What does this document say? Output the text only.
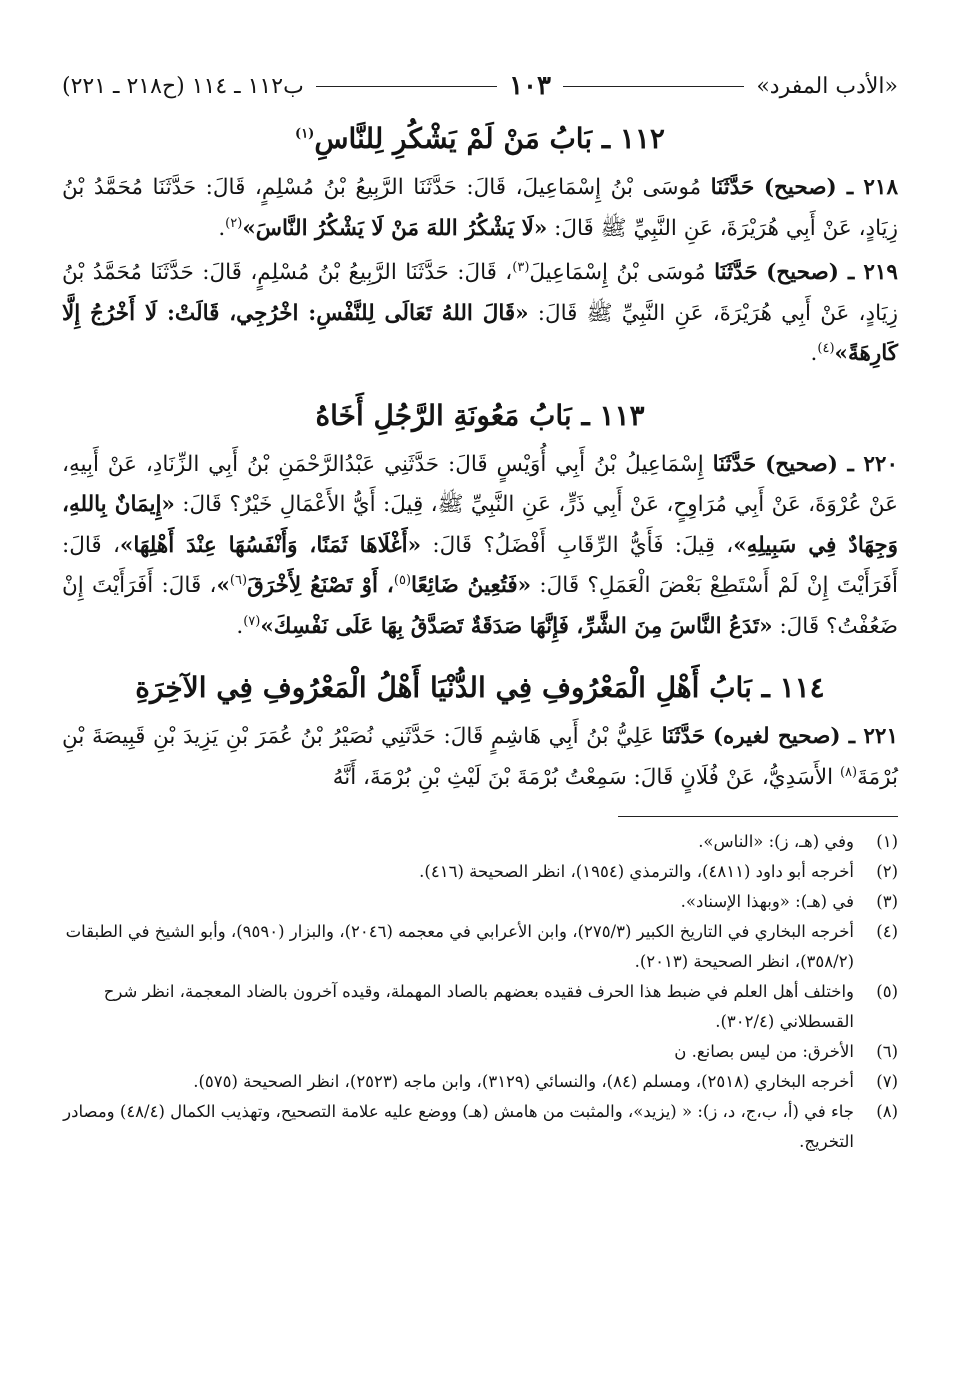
«الأدب المفرد»
١٠٣
ب١١٢ ـ ١١٤ (ح٢١٨ ـ ٢٢١)
١١٢ ـ بَابُ مَنْ لَمْ يَشْكُرِ لِلنَّاسِ$^{(١)}$

٢١٨ ـ (صحيح) حَدَّثَنَا مُوسَى بْنُ إِسْمَاعِيلَ، قَالَ: حَدَّثَنَا الرَّبِيعُ بْنُ مُسْلِمٍ، قَالَ: حَدَّثَنَا مُحَمَّدُ بْنُ زِيَادٍ، عَنْ أَبِي هُرَيْرَةَ، عَنِ النَّبِيِّ ﷺ قَالَ: «لَا يَشْكُرُ اللهَ مَنْ لَا يَشْكُرُ النَّاسَ»$^{(٢)}$.

٢١٩ ـ (صحيح) حَدَّثَنَا مُوسَى بْنُ إِسْمَاعِيلَ$^{(٣)}$، قَالَ: حَدَّثَنَا الرَّبِيعُ بْنُ مُسْلِمٍ، قَالَ: حَدَّثَنَا مُحَمَّدُ بْنُ زِيَادٍ، عَنْ أَبِي هُرَيْرَةَ، عَنِ النَّبِيِّ ﷺ قَالَ: «قَالَ اللهُ تَعَالَى لِلنَّفْسِ: اخْرُجِي، قَالَتْ: لَا أَخْرُجُ إِلَّا كَارِهَةً»$^{(٤)}$.

١١٣ ـ بَابُ مَعُونَةِ الرَّجُلِ أَخَاهُ

٢٢٠ ـ (صحيح) حَدَّثَنَا إِسْمَاعِيلُ بْنُ أَبِي أُوَيْسٍ قَالَ: حَدَّثَنِي عَبْدُالرَّحْمَنِ بْنُ أَبِي الزِّنَادِ، عَنْ أَبِيهِ، عَنْ عُرْوَةَ، عَنْ أَبِي مُرَاوِحٍ، عَنْ أَبِي ذَرٍّ، عَنِ النَّبِيِّ ﷺ، قِيلَ: أَيُّ الأَعْمَالِ خَيْرٌ؟ قَالَ: «إِيمَانٌ بِاللهِ، وَجِهَادٌ فِي سَبِيلِهِ»، قِيلَ: فَأَيُّ الرِّقَابِ أَفْضَلُ؟ قَالَ: «أَغْلَاهَا ثَمَنًا، وَأَنْفَسُهَا عِنْدَ أَهْلِهَا»، قَالَ: أَفَرَأَيْتَ إِنْ لَمْ أَسْتَطِعْ بَعْضَ الْعَمَلِ؟ قَالَ: «فَتُعِينُ ضَائِعًا$^{(٥)}$، أَوْ تَصْنَعُ لِأَخْرَقَ$^{(٦)}$»، قَالَ: أَفَرَأَيْتَ إِنْ ضَعُفْتُ؟ قَالَ: «تَدَعُ النَّاسَ مِنَ الشَّرِّ، فَإِنَّهَا صَدَقَةٌ تَصَدَّقُ بِهَا عَلَى نَفْسِكَ»$^{(٧)}$.

١١٤ ـ بَابُ أَهْلِ الْمَعْرُوفِ فِي الدُّنْيَا أَهْلُ الْمَعْرُوفِ فِي الآخِرَةِ

٢٢١ ـ (صحيح لغيره) حَدَّثَنَا عَلِيُّ بْنُ أَبِي هَاشِمٍ قَالَ: حَدَّثَنِي نُصَيْرُ بْنُ عُمَرَ بْنِ يَزِيدَ بْنِ قَبِيصَةَ بْنِ بُرْمَةَ$^{(٨)}$ الأَسَدِيُّ، عَنْ فُلَانٍ قَالَ: سَمِعْتُ بُرْمَةَ بْنَ لَيْثِ بْنِ بُرْمَةَ، أَنَّهُ

(١)
وفي (هـ، ز): «الناس».
(٢)
أخرجه أبو داود (٤٨١١)، والترمذي (١٩٥٤)، انظر الصحيحة (٤١٦).
(٣)
في (هـ): «وبهذا الإسناد».
(٤)
أخرجه البخاري في التاريخ الكبير (٢٧٥/٣)، وابن الأعرابي في معجمه (٢٠٤٦)، والبزار (٩٥٩٠)، وأبو الشيخ في الطبقات (٣٥٨/٢)، انظر الصحيحة (٢٠١٣).
(٥)
واختلف أهل العلم في ضبط هذا الحرف فقيده بعضهم بالصاد المهملة، وقيده آخرون بالضاد المعجمة، انظر شرح القسطلاني (٣٠٢/٤).
(٦)
الأخرق: من ليس بصانع. ن
(٧)
أخرجه البخاري (٢٥١٨)، ومسلم (٨٤)، والنسائي (٣١٢٩)، وابن ماجه (٢٥٢٣)، انظر الصحيحة (٥٧٥).
(٨)
جاء في (أ، ب،ج، د، ز): « (يزيد»، والمثبت من هامش (هـ) ووضع عليه علامة التصحيح، وتهذيب الكمال (٤٨/٤) ومصادر التخريج.
